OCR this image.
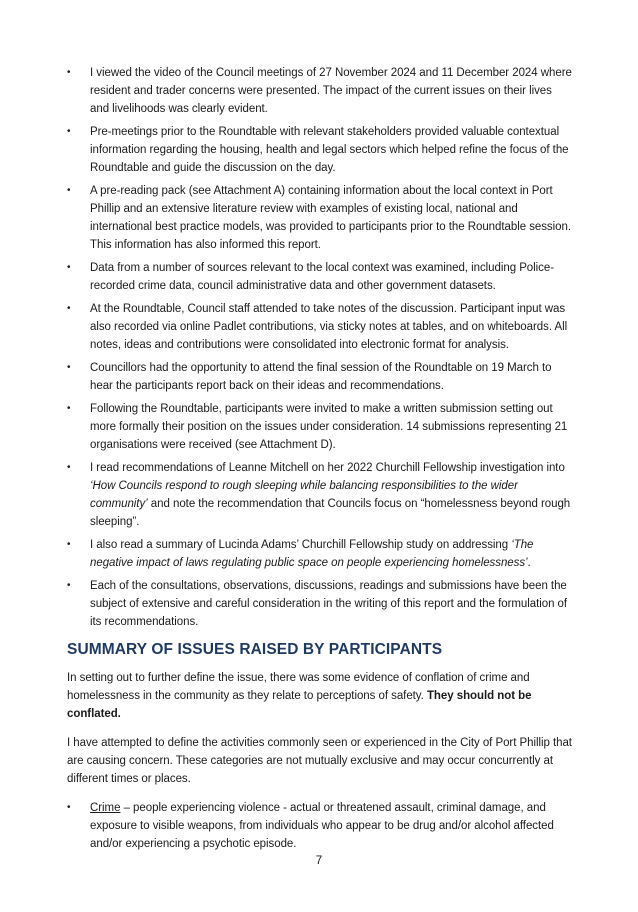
•	I viewed the video of the Council meetings of 27 November 2024 and 11 December 2024 where resident and trader concerns were presented. The impact of the current issues on their lives and livelihoods was clearly evident.
•	Pre-meetings prior to the Roundtable with relevant stakeholders provided valuable contextual information regarding the housing, health and legal sectors which helped refine the focus of the Roundtable and guide the discussion on the day.
•	A pre-reading pack (see Attachment A) containing information about the local context in Port Phillip and an extensive literature review with examples of existing local, national and international best practice models, was provided to participants prior to the Roundtable session. This information has also informed this report.
•	Data from a number of sources relevant to the local context was examined, including Police-recorded crime data, council administrative data and other government datasets.
•	At the Roundtable, Council staff attended to take notes of the discussion. Participant input was also recorded via online Padlet contributions, via sticky notes at tables, and on whiteboards. All notes, ideas and contributions were consolidated into electronic format for analysis.
•	Councillors had the opportunity to attend the final session of the Roundtable on 19 March to hear the participants report back on their ideas and recommendations.
•	Following the Roundtable, participants were invited to make a written submission setting out more formally their position on the issues under consideration. 14 submissions representing 21 organisations were received (see Attachment D).
•	I read recommendations of Leanne Mitchell on her 2022 Churchill Fellowship investigation into ‘How Councils respond to rough sleeping while balancing responsibilities to the wider community’ and note the recommendation that Councils focus on “homelessness beyond rough sleeping”.
•	I also read a summary of Lucinda Adams’ Churchill Fellowship study on addressing ‘The negative impact of laws regulating public space on people experiencing homelessness’.
•	Each of the consultations, observations, discussions, readings and submissions have been the subject of extensive and careful consideration in the writing of this report and the formulation of its recommendations.
SUMMARY OF ISSUES RAISED BY PARTICIPANTS

In setting out to further define the issue, there was some evidence of conflation of crime and homelessness in the community as they relate to perceptions of safety. They should not be conflated.

I have attempted to define the activities commonly seen or experienced in the City of Port Phillip that are causing concern. These categories are not mutually exclusive and may occur concurrently at different times or places.

•	Crime – people experiencing violence - actual or threatened assault, criminal damage, and exposure to visible weapons, from individuals who appear to be drug and/or alcohol affected and/or experiencing a psychotic episode.
7
